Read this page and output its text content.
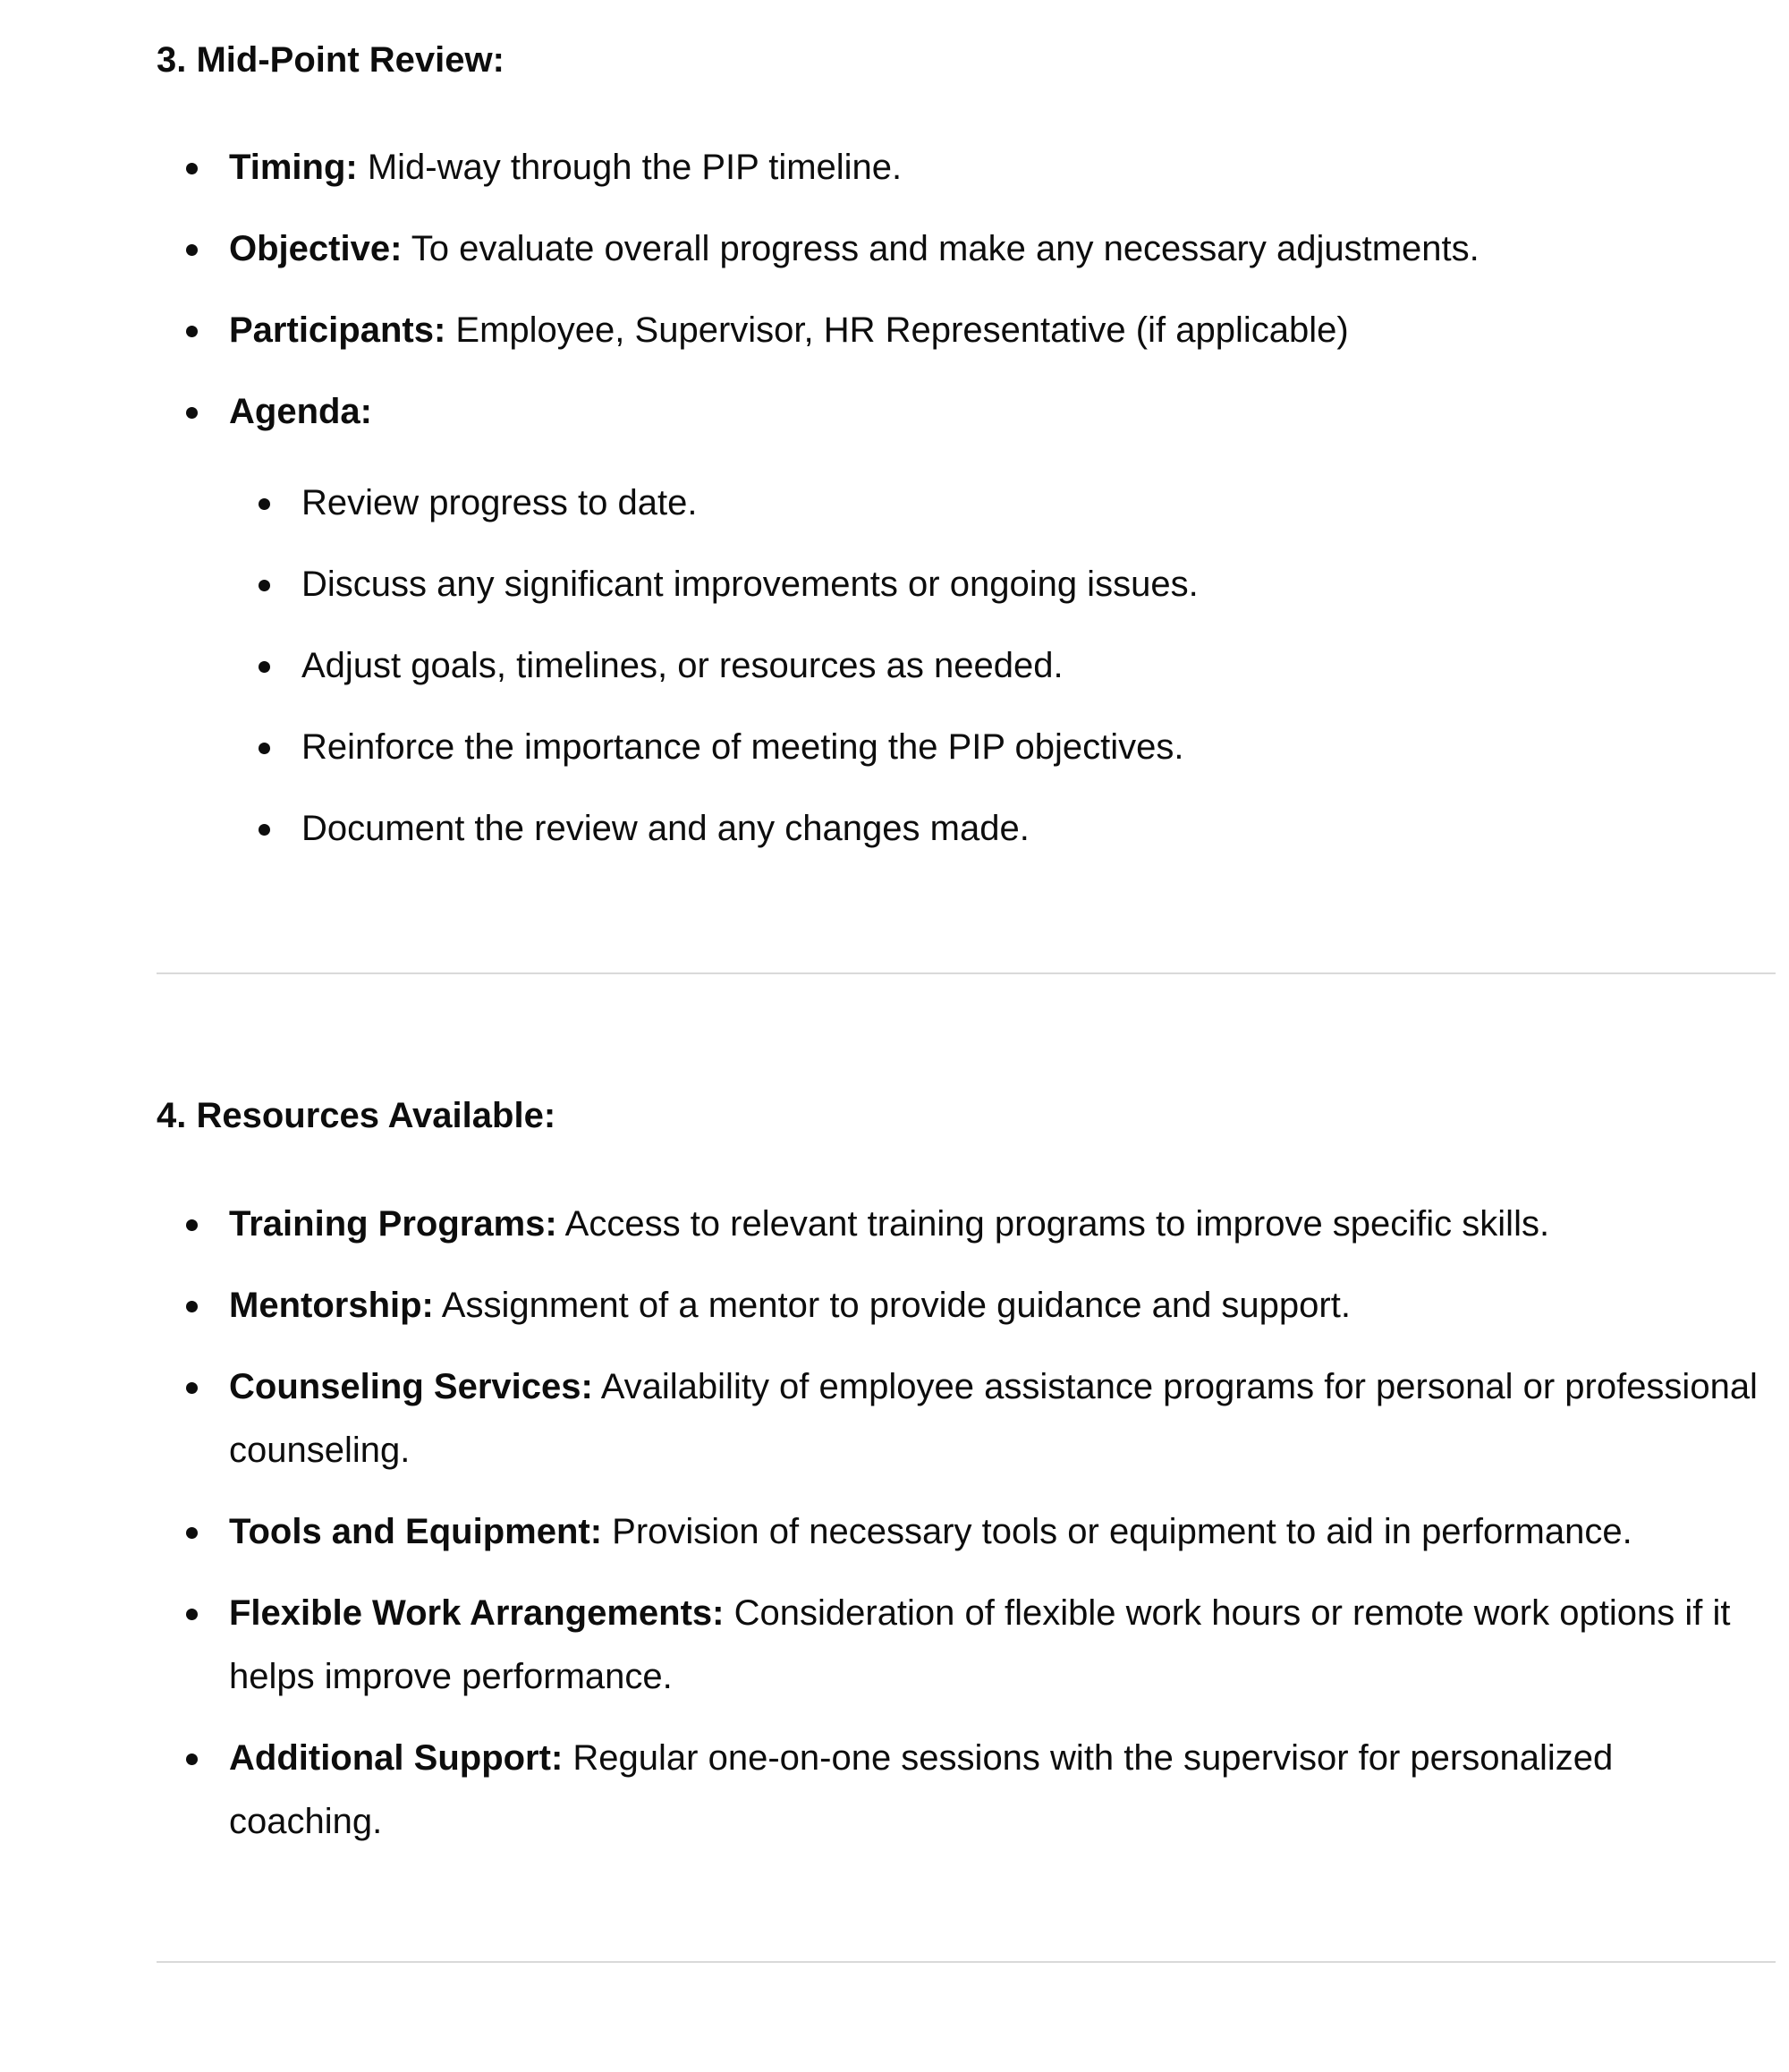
3. Mid-Point Review:
Timing: Mid-way through the PIP timeline.
Objective: To evaluate overall progress and make any necessary adjustments.
Participants: Employee, Supervisor, HR Representative (if applicable)
Agenda:
Review progress to date.
Discuss any significant improvements or ongoing issues.
Adjust goals, timelines, or resources as needed.
Reinforce the importance of meeting the PIP objectives.
Document the review and any changes made.
4. Resources Available:
Training Programs: Access to relevant training programs to improve specific skills.
Mentorship: Assignment of a mentor to provide guidance and support.
Counseling Services: Availability of employee assistance programs for personal or professional counseling.
Tools and Equipment: Provision of necessary tools or equipment to aid in performance.
Flexible Work Arrangements: Consideration of flexible work hours or remote work options if it helps improve performance.
Additional Support: Regular one-on-one sessions with the supervisor for personalized coaching.
